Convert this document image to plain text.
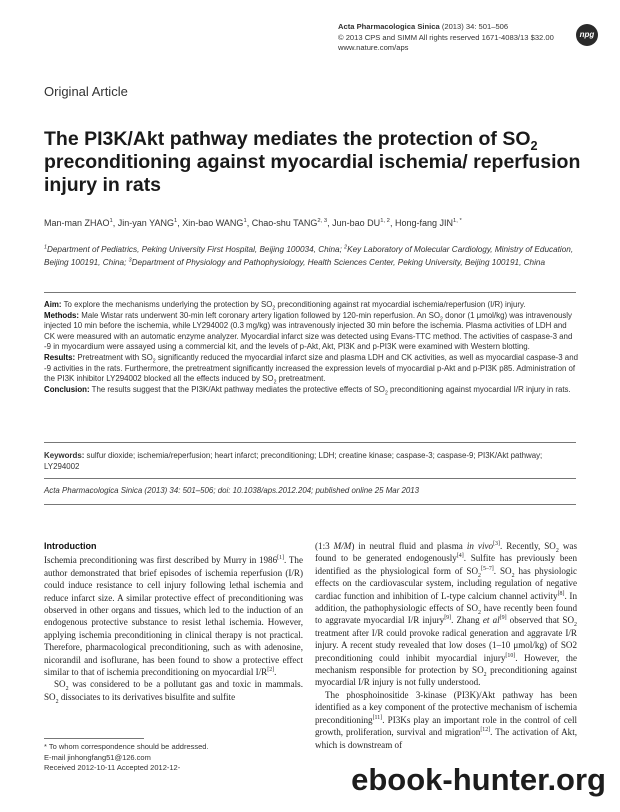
Acta Pharmacologica Sinica (2013) 34: 501–506
© 2013 CPS and SIMM All rights reserved 1671-4083/13 $32.00
www.nature.com/aps
npg
Original Article
The PI3K/Akt pathway mediates the protection of $SO_2$ preconditioning against myocardial ischemia/ reperfusion injury in rats
Man-man ZHAO$^1$, Jin-yan YANG$^1$, Xin-bao WANG$^1$, Chao-shu TANG$^{2, 3}$, Jun-bao DU$^{1, 2}$, Hong-fang $JIN^{1, *}$
$^1$Department of Pediatrics, Peking University First Hospital, Beijing 100034, China; $^2$Key Laboratory of Molecular Cardiology, Ministry of Education, Beijing 100191, China; $^3$Department of Physiology and Pathophysiology, Health Sciences Center, Peking University, Beijing 100191, China

Aim: To explore the mechanisms underlying the protection by $SO_2$ preconditioning against rat myocardial ischemia/reperfusion (I/R) injury.

Methods: Male Wistar rats underwent 30-min left coronary artery ligation followed by 120-min reperfusion. An $SO_2$ donor (1 μmol/kg) was intravenously injected 10 min before the ischemia, while LY294002 (0.3 mg/kg) was intravenously injected 30 min before the ischemia. Plasma activities of LDH and CK were measured with an automatic enzyme analyzer. Myocardial infarct size was detected using Evans-TTC method. The activities of caspase-3 and -9 in myocardium were assayed using a commercial kit, and the levels of p-Akt, Akt, PI3K and p-PI3K were examined with Western blotting.

Results: Pretreatment with $SO_2$ significantly reduced the myocardial infarct size and plasma LDH and CK activities, as well as myocardial caspase-3 and -9 activities in the rats. Furthermore, the pretreatment significantly increased the expression levels of myocardial p-Akt and p-PI3K p85. Administration of the PI3K inhibitor LY294002 blocked all the effects induced by $SO_2$ pretreatment.

Conclusion: The results suggest that the PI3K/Akt pathway mediates the protective effects of $SO_2$ preconditioning against myocardial I/R injury in rats.

Keywords: sulfur dioxide; ischemia/reperfusion; heart infarct; preconditioning; LDH; creatine kinase; caspase-3; caspase-9; PI3K/Akt pathway; LY294002
Acta Pharmacologica Sinica (2013) 34: 501–506; doi: 10.1038/aps.2012.204; published online 25 Mar 2013
Introduction

Ischemia preconditioning was first described by Murry in 1986[1]. The author demonstrated that brief episodes of ischemia reperfusion (I/R) could induce resistance to cell injury following lethal ischemia and reduce infarct size. A similar protective effect of preconditioning was observed in other organs and tissues, which led to the induction of an endogenous protective substance to resist lethal ischemia. However, applying ischemia preconditioning in clinical therapy is not practical. Therefore, pharmacological preconditioning, such as with adenosine, nicorandil and isoflurane, has been found to show a protective effect similar to that of ischemia preconditioning on myocardial I/R[2].

$SO_2$ was considered to be a pollutant gas and toxic in mammals. $SO_2$ dissociates to its derivatives bisulfite and sulfite

(1:3 M/M) in neutral fluid and plasma in vivo[3]. Recently, $SO_2$ was found to be generated endogenously[4]. Sulfite has previously been identified as the physiological form of $SO_2[5-7]$. $SO_2$ has physiologic effects on the cardiovascular system, including regulation of negative cardiac function and inhibition of L-type calcium channel activity[8]. In addition, the pathophysiologic effects of $SO_2$ have recently been found to aggravate myocardial I/R injury[9]. Zhang et al[9] observed that $SO_2$ treatment after I/R could provoke radical generation and aggravate I/R injury. A recent study revealed that low doses (1–10 μmol/kg) of SO2 preconditioning could inhibit myocardial injury[10]. However, the mechanism responsible for protection by $SO_2$ preconditioning against myocardial I/R injury is not fully understood.

The phosphoinositide 3-kinase (PI3K)/Akt pathway has been identified as a key component of the protective mechanism of ischemia preconditioning[11]. PI3Ks play an important role in the control of cell growth, proliferation, survival and migration[12]. The activation of Akt, which is downstream of

* To whom correspondence should be addressed.
E-mail jinhongfang51@126.com
Received 2012-10-11 Accepted 2012-12-	ebook-hunter.org
